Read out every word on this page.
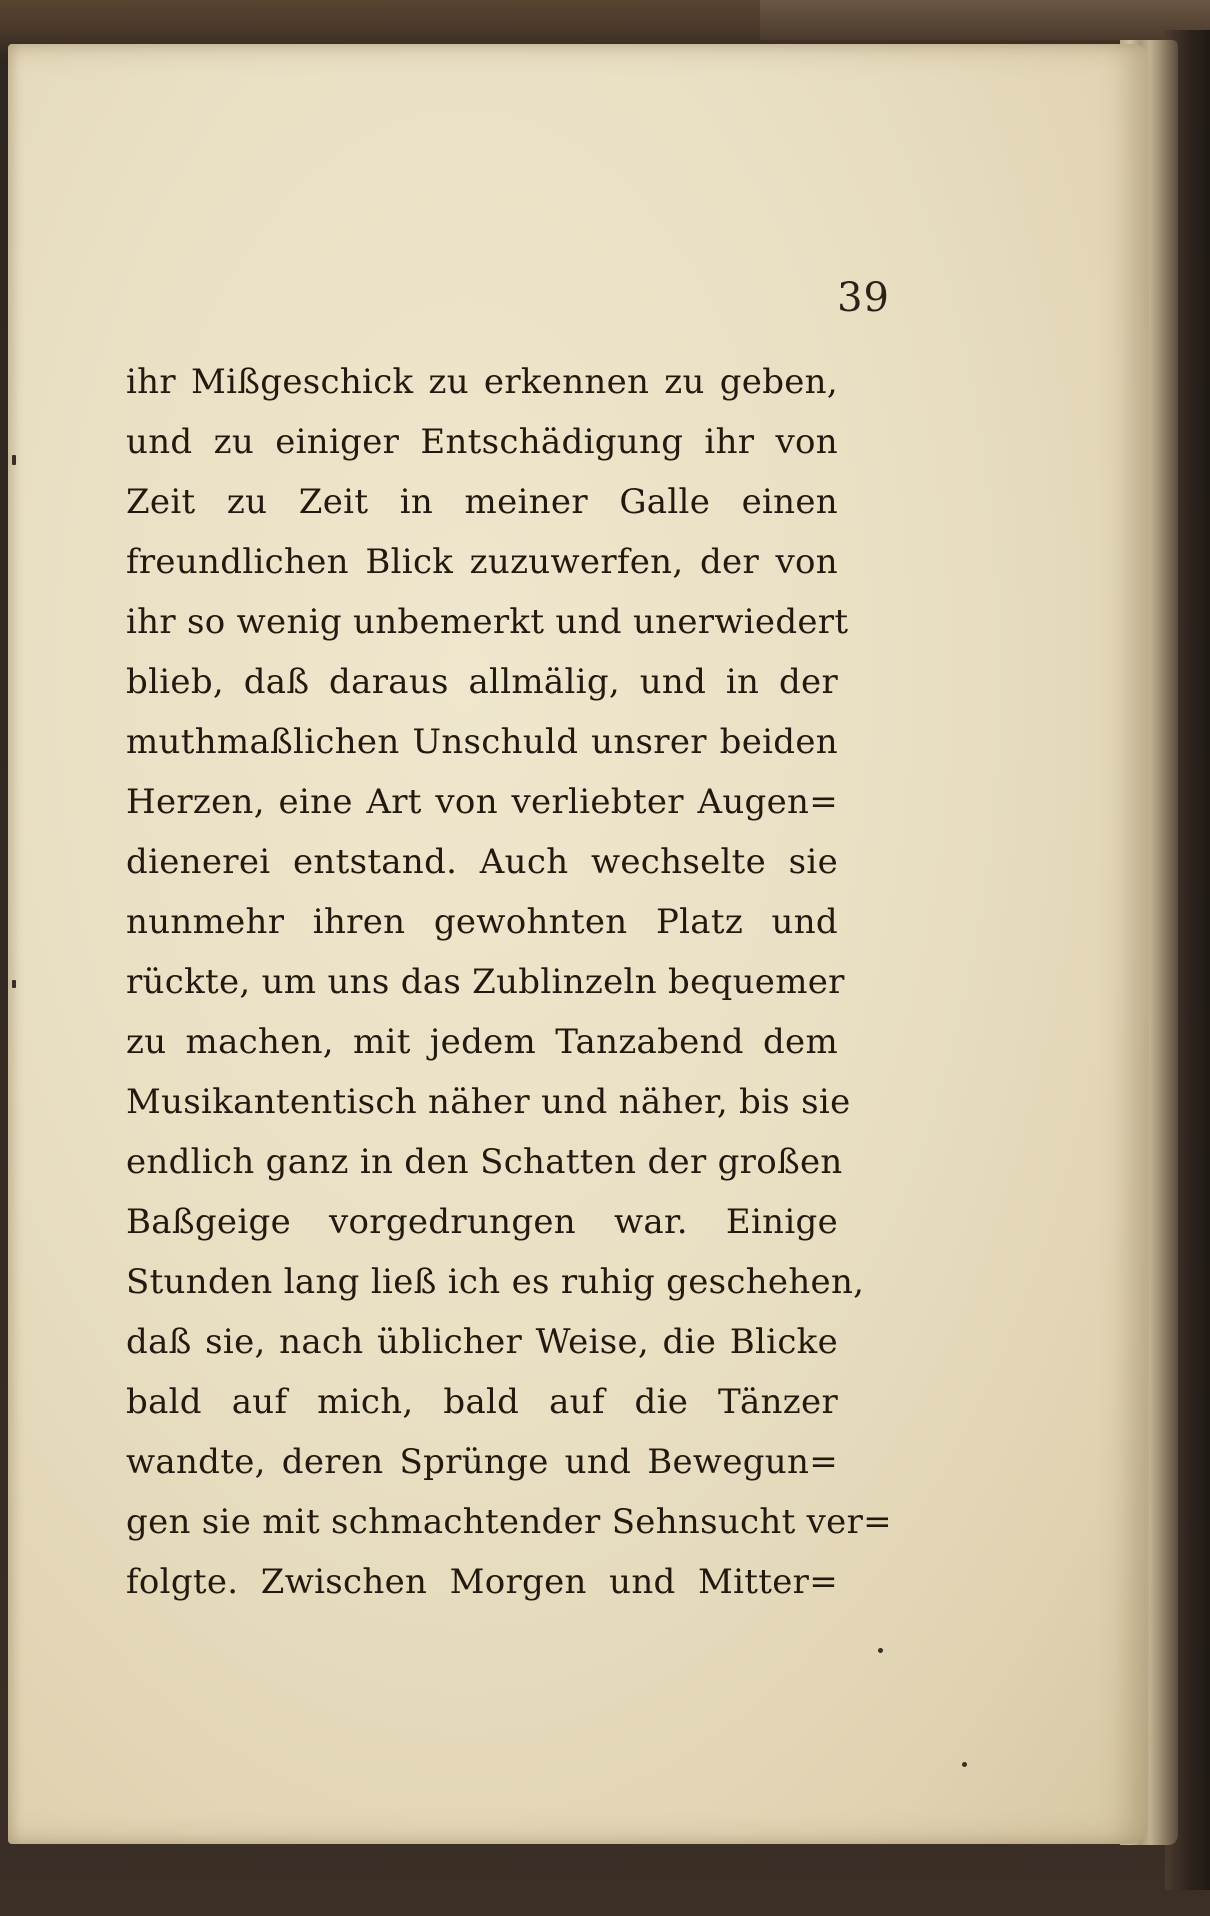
39
ihr Mißgeschick zu erkennen zu geben,
und zu einiger Entschädigung ihr von
Zeit zu Zeit in meiner Galle einen
freundlichen Blick zuzuwerfen, der von
ihr so wenig unbemerkt und unerwiedert
blieb, daß daraus allmälig, und in der
muthmaßlichen Unschuld unsrer beiden
Herzen, eine Art von verliebter Augen=
dienerei entstand. Auch wechselte sie
nunmehr ihren gewohnten Platz und
rückte, um uns das Zublinzeln bequemer
zu machen, mit jedem Tanzabend dem
Musikantentisch näher und näher, bis sie
endlich ganz in den Schatten der großen
Baßgeige vorgedrungen war. Einige
Stunden lang ließ ich es ruhig geschehen,
daß sie, nach üblicher Weise, die Blicke
bald auf mich, bald auf die Tänzer
wandte, deren Sprünge und Bewegun=
gen sie mit schmachtender Sehnsucht ver=
folgte. Zwischen Morgen und Mitter=
